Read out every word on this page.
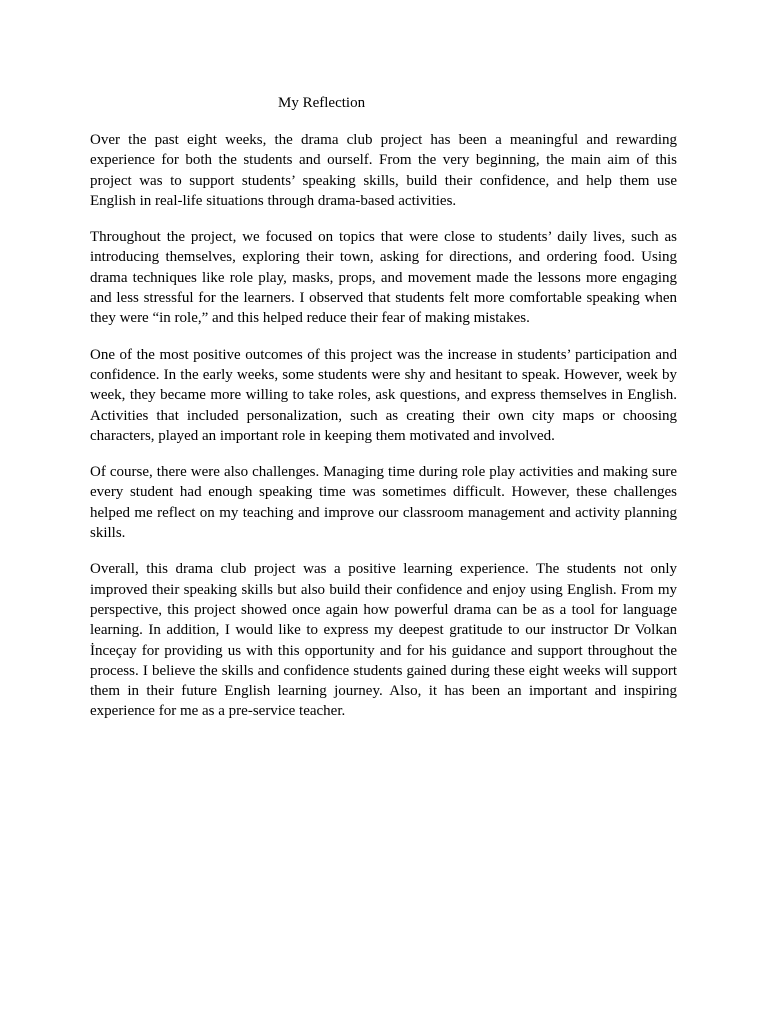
My Reflection

Over the past eight weeks, the drama club project has been a meaningful and rewarding experience for both the students and ourself. From the very beginning, the main aim of this project was to support students’ speaking skills, build their confidence, and help them use English in real-life situations through drama-based activities.

Throughout the project, we focused on topics that were close to students’ daily lives, such as introducing themselves, exploring their town, asking for directions, and ordering food. Using drama techniques like role play, masks, props, and movement made the lessons more engaging and less stressful for the learners. I observed that students felt more comfortable speaking when they were “in role,” and this helped reduce their fear of making mistakes.

One of the most positive outcomes of this project was the increase in students’ participation and confidence. In the early weeks, some students were shy and hesitant to speak. However, week by week, they became more willing to take roles, ask questions, and express themselves in English. Activities that included personalization, such as creating their own city maps or choosing characters, played an important role in keeping them motivated and involved.

Of course, there were also challenges. Managing time during role play activities and making sure every student had enough speaking time was sometimes difficult. However, these challenges helped me reflect on my teaching and improve our classroom management and activity planning skills.

Overall, this drama club project was a positive learning experience. The students not only improved their speaking skills but also build their confidence and enjoy using English. From my perspective, this project showed once again how powerful drama can be as a tool for language learning. In addition, I would like to express my deepest gratitude to our instructor Dr Volkan İnceçay for providing us with this opportunity and for his guidance and support throughout the process. I believe the skills and confidence students gained during these eight weeks will support them in their future English learning journey. Also, it has been an important and inspiring experience for me as a pre-service teacher.
